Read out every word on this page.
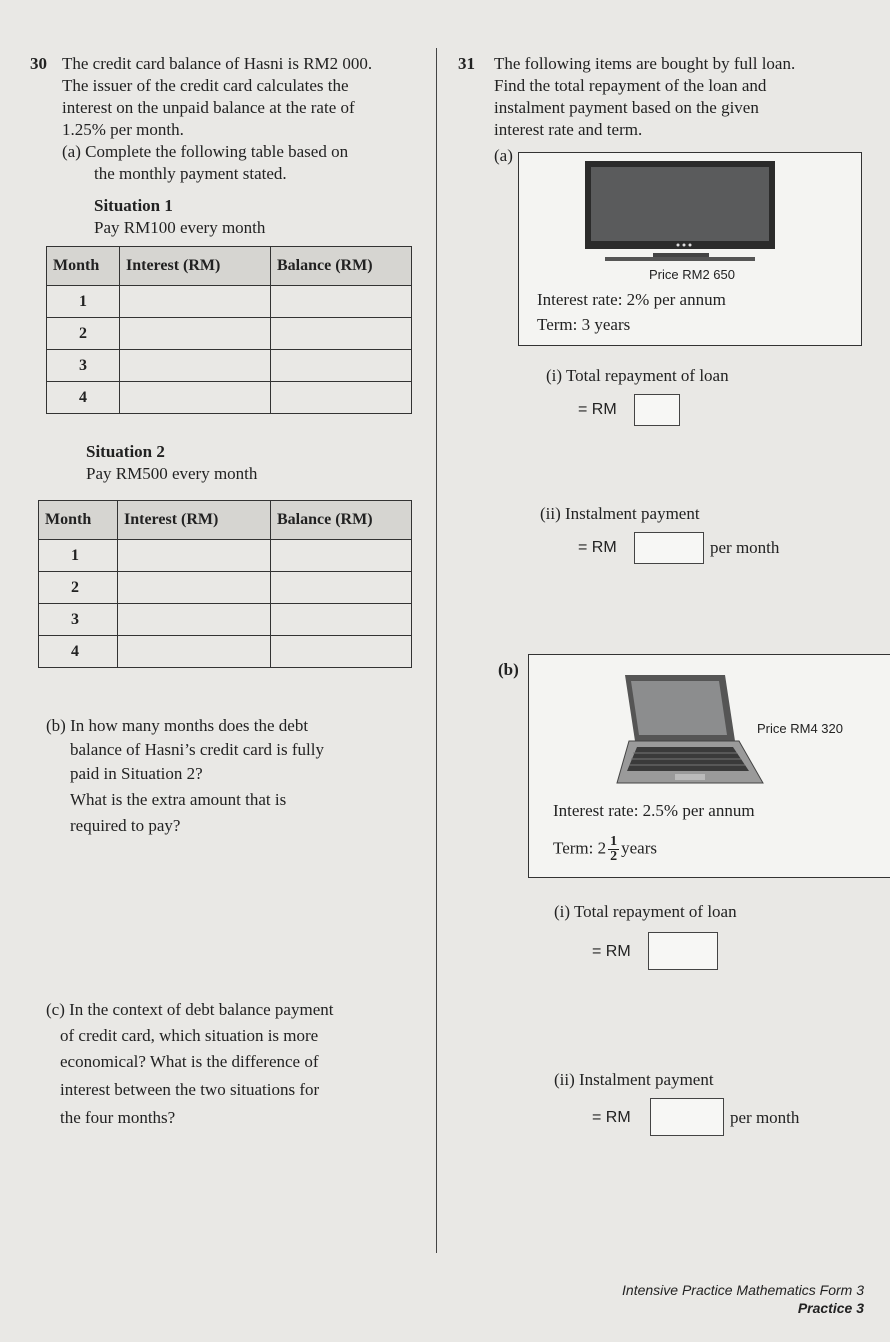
30 The credit card balance of Hasni is RM2 000.
The issuer of the credit card calculates the
interest on the unpaid balance at the rate of
1.25% per month.
(a) Complete the following table based on
the monthly payment stated.
Situation 1
Pay RM100 every month
Month	Interest (RM)	Balance (RM)
1		
2		
3		
4		
Situation 2
Pay RM500 every month
Month	Interest (RM)	Balance (RM)
1		
2		
3		
4		
(b) In how many months does the debt
balance of Hasni’s credit card is fully
paid in Situation 2?
What is the extra amount that is
required to pay?
(c) In the context of debt balance payment
of credit card, which situation is more
economical? What is the difference of
interest between the two situations for
the four months?
31 The following items are bought by full loan.
Find the total repayment of the loan and
instalment payment based on the given
interest rate and term.
(a)
Price RM2 650
Interest rate: 2% per annum
Term: 3 years
(i) Total repayment of loan
= RM
(ii) Instalment payment
= RM	per month
(b)
Price RM4 320
Interest rate: 2.5% per annum
Term: $2 \frac{1}{2}$ years
(i) Total repayment of loan
= RM
(ii) Instalment payment
= RM	per month
Intensive Practice Mathematics Form 3
Practice 3
